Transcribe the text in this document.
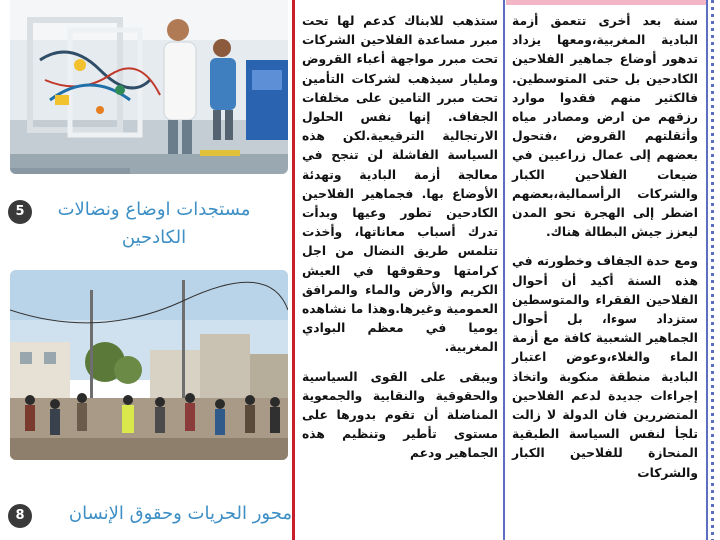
5	مستجدات اوضاع ونضالات الكادحين
8	محور الحريات وحقوق الإنسان

سنة بعد أخرى تتعمق أزمة البادية المغربية،ومعها يزداد تدهور أوضاع جماهير الفلاحين الكادحين بل حتى المتوسطين. فالكثير منهم فقدوا موارد رزقهم من ارض ومصادر مياه وأثقلتهم القروض ،فتحول بعضهم إلى عمال زراعيين في ضيعات الفلاحين الكبار والشركات الرأسمالية،بعضهم اضطر إلى الهجرة نحو المدن ليعزز جيش البطالة هناك.

ومع حدة الجفاف وخطورته في هذه السنة أكيد أن أحوال الفلاحين الفقراء والمتوسطين ستزداد سوءا، بل أحوال الجماهير الشعبية كافة مع أزمة الماء والغلاء،وعوض اعتبار البادية منطقة منكوبة واتخاذ إجراءات جديدة لدعم الفلاحين المتضررين فان الدولة لا زالت تلجأ لنفس السياسة الطبقية المنحازة للفلاحين الكبار والشركات

ستذهب للابناك كدعم لها تحت مبرر مساعدة الفلاحين الشركات تحت مبرر مواجهة أعباء القروض ومليار سيذهب لشركات التأمين تحت مبرر التامين على مخلفات الجفاف. إنها نفس الحلول الارتجالية الترقيعية.لكن هذه السياسة الفاشلة لن تنجح في معالجة أزمة البادية وتهدئة الأوضاع بها. فجماهير الفلاحين الكادحين تطور وعيها وبدأت تدرك أسباب معاناتها، وأخذت تتلمس طريق النضال من اجل كرامتها وحقوقها في العيش الكريم والأرض والماء والمرافق العمومية وغيرها.وهذا ما نشاهده يوميا في معظم البوادي المغربية.

ويبقى على القوى السياسية والحقوقية والنقابية والجمعوية المناضلة أن تقوم بدورها على مستوى تأطير وتنظيم هذه الجماهير ودعم
